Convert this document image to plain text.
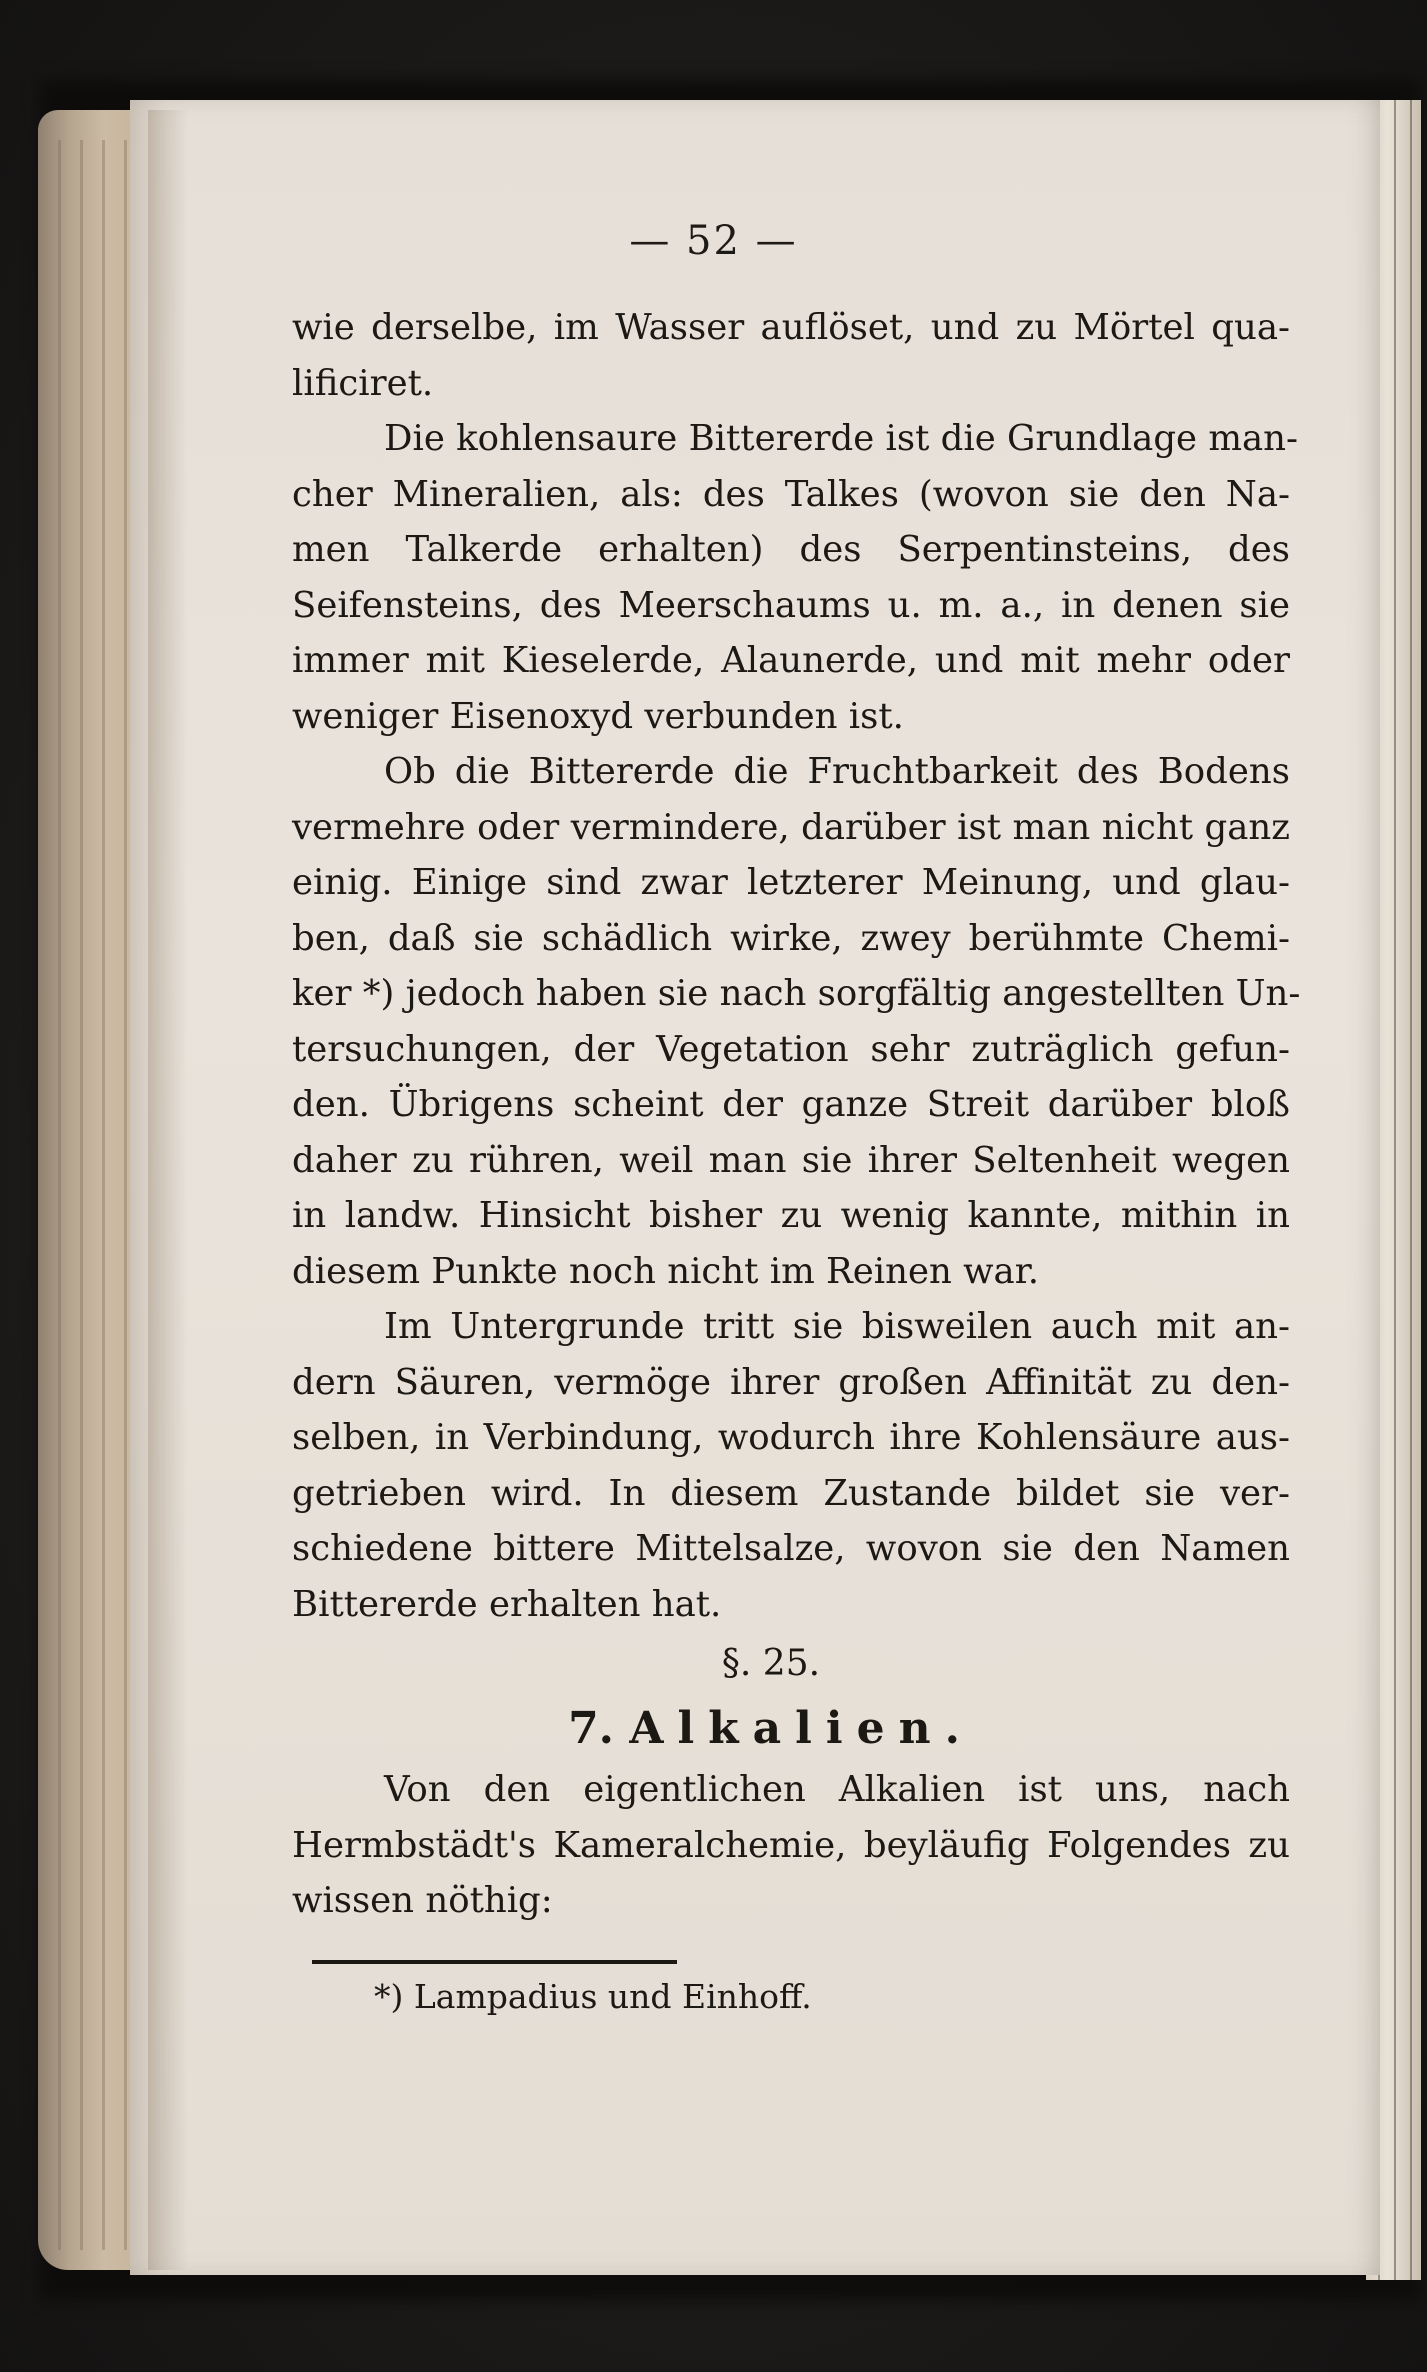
— 52 —
wie derselbe, im Wasser auflöset, und zu Mörtel qua-
lificiret.
Die kohlensaure Bittererde ist die Grundlage man-
cher Mineralien, als: des Talkes (wovon sie den Na-
men Talkerde erhalten) des Serpentinsteins, des
Seifensteins, des Meerschaums u. m. a., in denen sie
immer mit Kieselerde, Alaunerde, und mit mehr oder
weniger Eisenoxyd verbunden ist.
Ob die Bittererde die Fruchtbarkeit des Bodens
vermehre oder vermindere, darüber ist man nicht ganz
einig. Einige sind zwar letzterer Meinung, und glau-
ben, daß sie schädlich wirke, zwey berühmte Chemi-
ker *) jedoch haben sie nach sorgfältig angestellten Un-
tersuchungen, der Vegetation sehr zuträglich gefun-
den. Übrigens scheint der ganze Streit darüber bloß
daher zu rühren, weil man sie ihrer Seltenheit wegen
in landw. Hinsicht bisher zu wenig kannte, mithin in
diesem Punkte noch nicht im Reinen war.
Im Untergrunde tritt sie bisweilen auch mit an-
dern Säuren, vermöge ihrer großen Affinität zu den-
selben, in Verbindung, wodurch ihre Kohlensäure aus-
getrieben wird. In diesem Zustande bildet sie ver-
schiedene bittere Mittelsalze, wovon sie den Namen
Bittererde erhalten hat.
§. 25.
7. Alkalien.
Von den eigentlichen Alkalien ist uns, nach
Hermbstädt's Kameralchemie, beyläufig Folgendes zu
wissen nöthig:
*) Lampadius und Einhoff.
